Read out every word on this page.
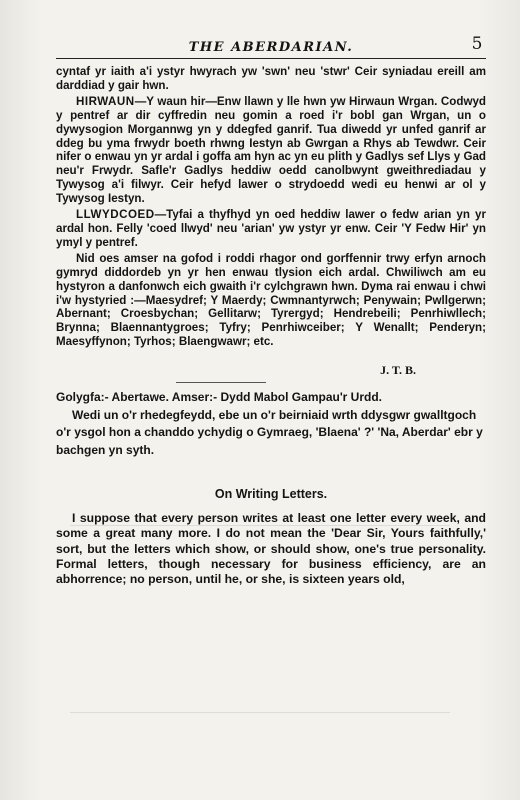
THE ABERDARIAN.	5

cyntaf yr iaith a'i ystyr hwyrach yw 'swn' neu 'stwr' Ceir syniadau ereill am darddiad y gair hwn.

HIRWAUN—Y waun hir—Enw llawn y lle hwn yw Hirwaun Wrgan. Codwyd y pentref ar dir cyffredin neu gomin a roed i'r bobl gan Wrgan, un o dywysogion Morgannwg yn y ddegfed ganrif. Tua diwedd yr unfed ganrif ar ddeg bu yma frwydr boeth rhwng Iestyn ab Gwrgan a Rhys ab Tewdwr. Ceir nifer o enwau yn yr ardal i goffa am hyn ac yn eu plith y Gadlys sef Llys y Gad neu'r Frwydr. Safle'r Gadlys heddiw oedd canolbwynt gweithrediadau y Tywysog a'i filwyr. Ceir hefyd lawer o strydoedd wedi eu henwi ar ol y Tywysog Iestyn.

LLWYDCOED—Tyfai a thyfhyd yn oed heddiw lawer o fedw arian yn yr ardal hon. Felly 'coed llwyd' neu 'arian' yw ystyr yr enw. Ceir 'Y Fedw Hir' yn ymyl y pentref.

Nid oes amser na gofod i roddi rhagor ond gorffennir trwy erfyn arnoch gymryd diddordeb yn yr hen enwau tlysion eich ardal. Chwiliwch am eu hystyron a danfonwch eich gwaith i'r cylchgrawn hwn. Dyma rai enwau i chwi i'w hystyried :—Maesydref; Y Maerdy; Cwmnantyrwch; Penywain; Pwllgerwn; Abernant; Croesbychan; Gellitarw; Tyrergyd; Hendrebeili; Penrhiwllech; Brynna; Blaennantygroes; Tyfry; Penrhiwceiber; Y Wenallt; Penderyn; Maesyffynon; Tyrhos; Blaengwawr; etc.

J. T. B.
Golygfa:- Abertawe. Amser:- Dydd Mabol Gampau'r Urdd.
Wedi un o'r rhedegfeydd, ebe un o'r beirniaid wrth ddysgwr gwalltgoch o'r ysgol hon a chanddo ychydig o Gymraeg, 'Blaena' ?' 'Na, Aberdar' ebr y bachgen yn syth.
On Writing Letters.

I suppose that every person writes at least one letter every week, and some a great many more. I do not mean the 'Dear Sir, Yours faithfully,' sort, but the letters which show, or should show, one's true personality. Formal letters, though necessary for business efficiency, are an abhorrence; no person, until he, or she, is sixteen years old,
